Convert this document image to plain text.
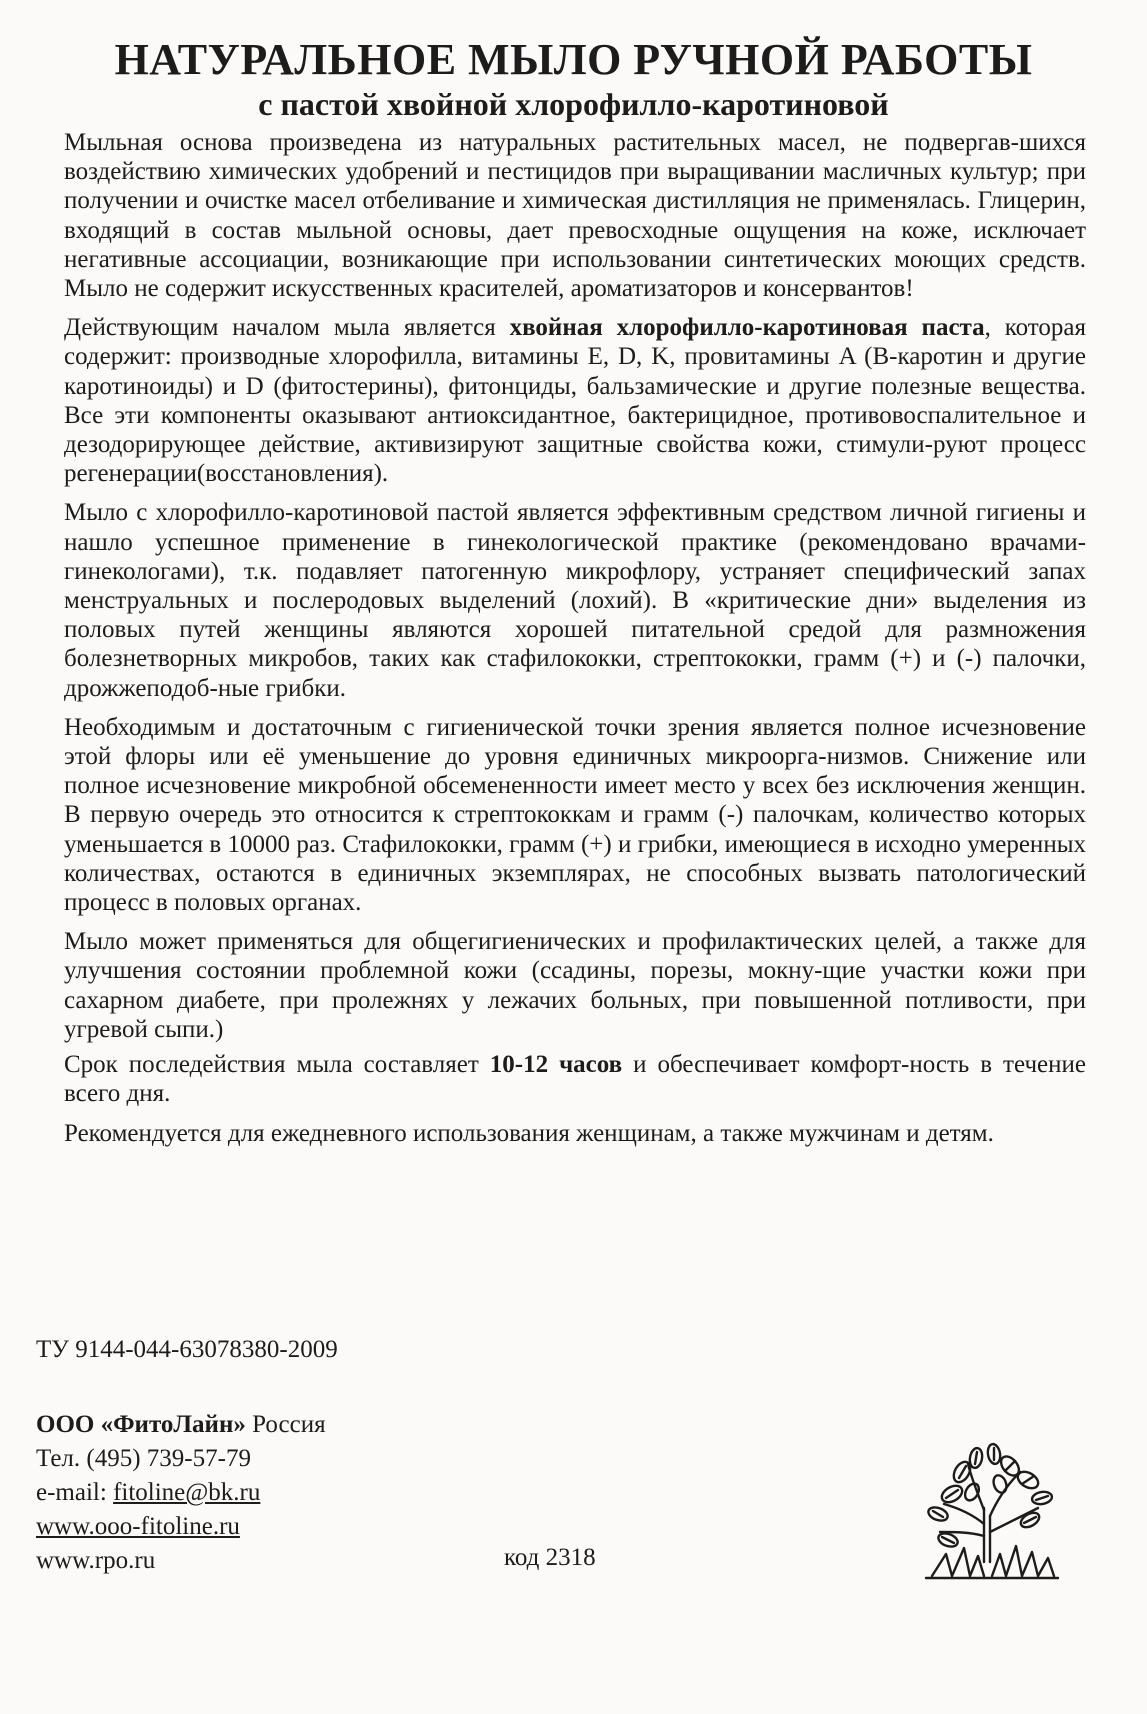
НАТУРАЛЬНОЕ МЫЛО РУЧНОЙ РАБОТЫ
с пастой хвойной хлорофилло-каротиновой

Мыльная основа произведена из натуральных растительных масел, не подвергав-шихся воздействию химических удобрений и пестицидов при выращивании масличных культур; при получении и очистке масел отбеливание и химическая дистилляция не применялась. Глицерин, входящий в состав мыльной основы, дает превосходные ощущения на коже, исключает негативные ассоциации, возникающие при использовании синтетических моющих средств. Мыло не содержит искусственных красителей, ароматизаторов и консервантов!

Действующим началом мыла является хвойная хлорофилло-каротиновая паста, которая содержит: производные хлорофилла, витамины E, D, K, провитамины A (B-каротин и другие каротиноиды) и D (фитостерины), фитонциды, бальзамические и другие полезные вещества. Все эти компоненты оказывают антиоксидантное, бактерицидное, противовоспалительное и дезодорирующее действие, активизируют защитные свойства кожи, стимули-руют процесс регенерации(восстановления).

Мыло с хлорофилло-каротиновой пастой является эффективным средством личной гигиены и нашло успешное применение в гинекологической практике (рекомендовано врачами-гинекологами), т.к. подавляет патогенную микрофлору, устраняет специфический запах менструальных и послеродовых выделений (лохий). В «критические дни» выделения из половых путей женщины являются хорошей питательной средой для размножения болезнетворных микробов, таких как стафилококки, стрептококки, грамм (+) и (-) палочки, дрожжеподоб-ные грибки.

Необходимым и достаточным с гигиенической точки зрения является полное исчезновение этой флоры или её уменьшение до уровня единичных микроорга-низмов. Снижение или полное исчезновение микробной обсемененности имеет место у всех без исключения женщин. В первую очередь это относится к стрептококкам и грамм (-) палочкам, количество которых уменьшается в 10000 раз. Стафилококки, грамм (+) и грибки, имеющиеся в исходно умеренных количествах, остаются в единичных экземплярах, не способных вызвать патологический процесс в половых органах.

Мыло может применяться для общегигиенических и профилактических целей, а также для улучшения состоянии проблемной кожи (ссадины, порезы, мокну-щие участки кожи при сахарном диабете, при пролежнях у лежачих больных, при повышенной потливости, при угревой сыпи.)

Срок последействия мыла составляет 10-12 часов и обеспечивает комфорт-ность в течение всего дня.

Рекомендуется для ежедневного использования женщинам, а также мужчинам и детям.

ТУ 9144-044-63078380-2009
ООО «ФитоЛайн» Россия
Тел. (495) 739-57-79
e-mail: fitoline@bk.ru
www.ooo-fitoline.ru
www.rpo.ru	код 2318
